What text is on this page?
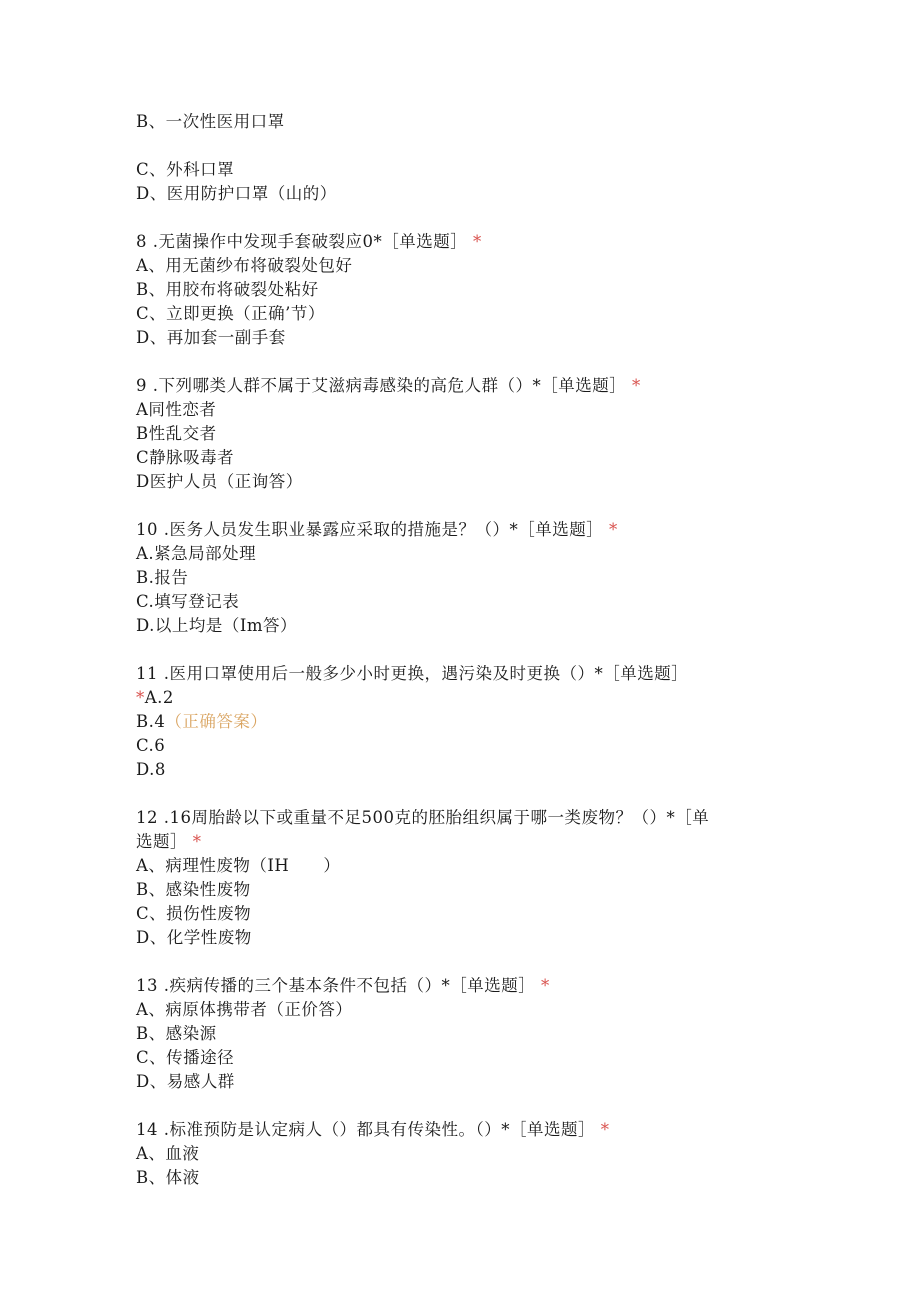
B、一次性医用口罩
C、外科口罩
D、医用防护口罩（山的）
8 .无菌操作中发现手套破裂应0*［单选题］ *
A、用无菌纱布将破裂处包好
B、用胶布将破裂处粘好
C、立即更换（正确’节）
D、再加套一副手套
9 .下列哪类人群不属于艾滋病毒感染的高危人群（）*［单选题］ *
A同性恋者
B性乱交者
C静脉吸毒者
D医护人员（正询答）
10 .医务人员发生职业暴露应采取的措施是？（）*［单选题］ *
A.紧急局部处理
B.报告
C.填写登记表
D.以上均是（Im答）
11 .医用口罩使用后一般多少小时更换，遇污染及时更换（）*［单选题］
*A.2
B.4（正确答案）
C.6
D.8
12 .16周胎龄以下或重量不足500克的胚胎组织属于哪一类废物？（）*［单
选题］ *
A、病理性废物（IH　　）
B、感染性废物
C、损伤性废物
D、化学性废物
13 .疾病传播的三个基本条件不包括（）*［单选题］ *
A、病原体携带者（正价答）
B、感染源
C、传播途径
D、易感人群
14 .标准预防是认定病人（）都具有传染性。（）*［单选题］ *
A、血液
B、体液
